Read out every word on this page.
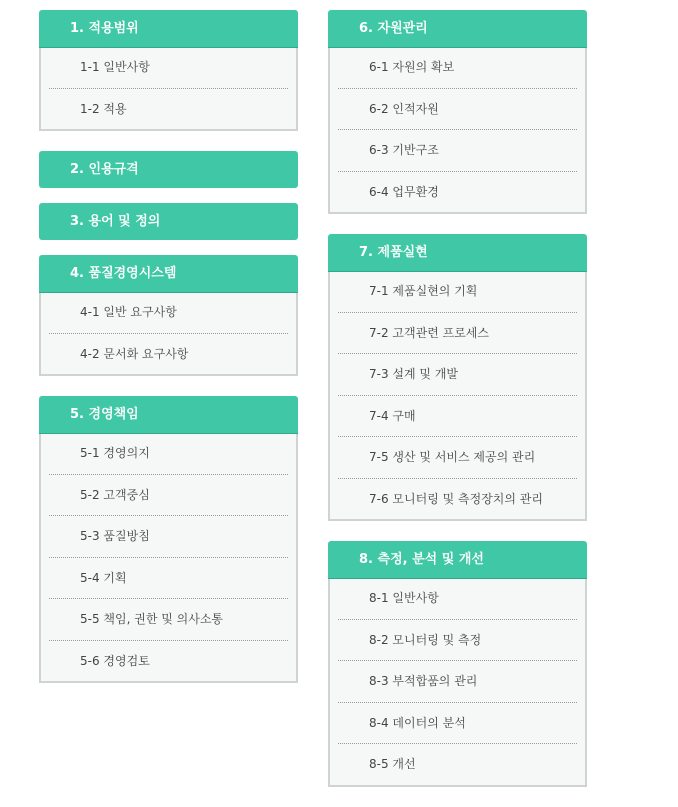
1. 적용범위
1-1 일반사항
1-2 적용
2. 인용규격
3. 용어 및 정의
4. 품질경영시스템
4-1 일반 요구사항
4-2 문서화 요구사항
5. 경영책임
5-1 경영의지
5-2 고객중심
5-3 품질방침
5-4 기획
5-5 책임, 권한 및 의사소통
5-6 경영검토
6. 자원관리
6-1 자원의 확보
6-2 인적자원
6-3 기반구조
6-4 업무환경
7. 제품실현
7-1 제품실현의 기획
7-2 고객관련 프로세스
7-3 설계 및 개발
7-4 구매
7-5 생산 및 서비스 제공의 관리
7-6 모니터링 및 측정장치의 관리
8. 측정, 분석 및 개선
8-1 일반사항
8-2 모니터링 및 측정
8-3 부적합품의 관리
8-4 데이터의 분석
8-5 개선
